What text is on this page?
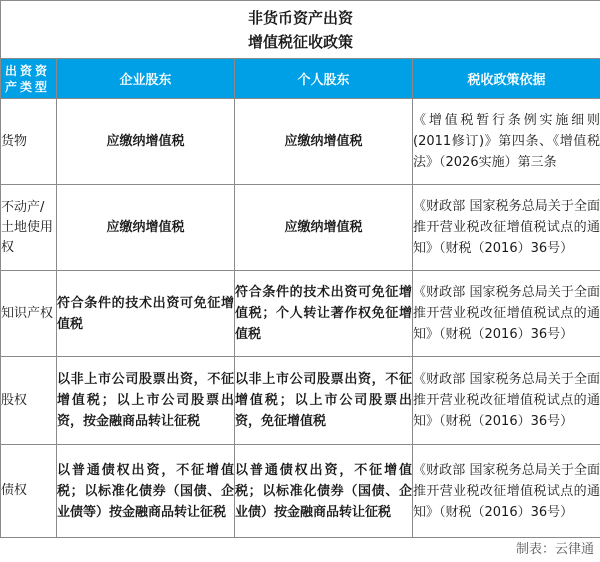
非货币资产出资
增值税征收政策			

出资资产类型	企业股东	个人股东	税收政策依据
货物	应缴纳增值税	应缴纳增值税	《增值税暂行条例实施细则(2011修订)》第四条、《增值税法》（2026实施）第三条
不动产/土地使用权	应缴纳增值税	应缴纳增值税	《财政部 国家税务总局关于全面推开营业税改征增值税试点的通知》（财税（2016）36号）
知识产权	符合条件的技术出资可免征增值税	符合条件的技术出资可免征增值税；个人转让著作权免征增值税	《财政部 国家税务总局关于全面推开营业税改征增值税试点的通知》（财税（2016）36号）
股权	以非上市公司股票出资，不征增值税；以上市公司股票出资，按金融商品转让征税	以非上市公司股票出资，不征增值税；以上市公司股票出资，免征增值税	《财政部 国家税务总局关于全面推开营业税改征增值税试点的通知》（财税（2016）36号）
债权	以普通债权出资，不征增值税；以标准化债券（国债、企业债等）按金融商品转让征税	以普通债权出资，不征增值税；以标准化债券（国债、企业债）按金融商品转让征税	《财政部 国家税务总局关于全面推开营业税改征增值税试点的通知》（财税（2016）36号）
制表：云律通
